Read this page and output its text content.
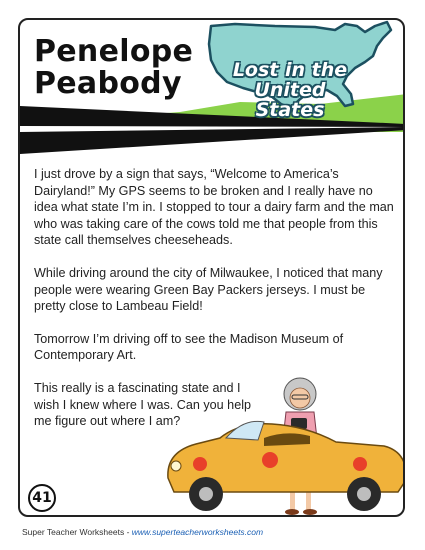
Penelope
Peabody	Lost in the
United States

I just drove by a sign that says, “Welcome to America’s Dairyland!” My GPS seems to be broken and I really have no idea what state I’m in. I stopped to tour a dairy farm and the man who was taking care of the cows told me that people from this state call themselves cheeseheads.

While driving around the city of Milwaukee, I noticed that many people were wearing Green Bay Packers jerseys. I must be pretty close to Lambeau Field!

Tomorrow I’m driving off to see the Madison Museum of Contemporary Art.

This really is a fascinating state and I wish I knew where I was. Can you help me figure out where I am?

41
Super Teacher Worksheets - www.superteacherworksheets.com
